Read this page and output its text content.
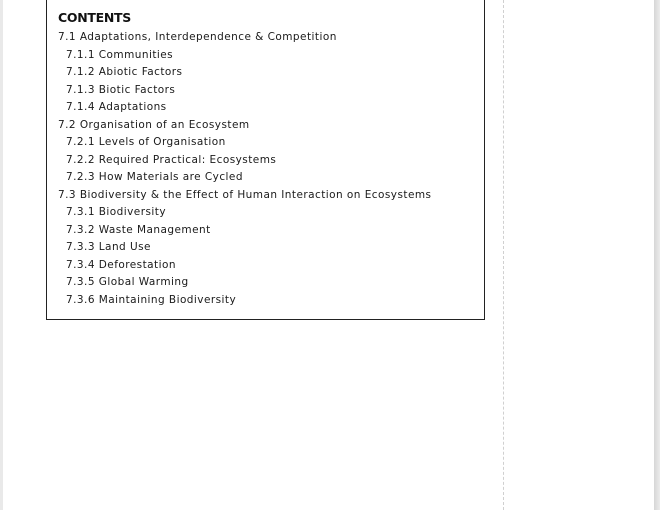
CONTENTS
7.1 Adaptations, Interdependence & Competition
7.1.1 Communities
7.1.2 Abiotic Factors
7.1.3 Biotic Factors
7.1.4 Adaptations
7.2 Organisation of an Ecosystem
7.2.1 Levels of Organisation
7.2.2 Required Practical: Ecosystems
7.2.3 How Materials are Cycled
7.3 Biodiversity & the Effect of Human Interaction on Ecosystems
7.3.1 Biodiversity
7.3.2 Waste Management
7.3.3 Land Use
7.3.4 Deforestation
7.3.5 Global Warming
7.3.6 Maintaining Biodiversity
